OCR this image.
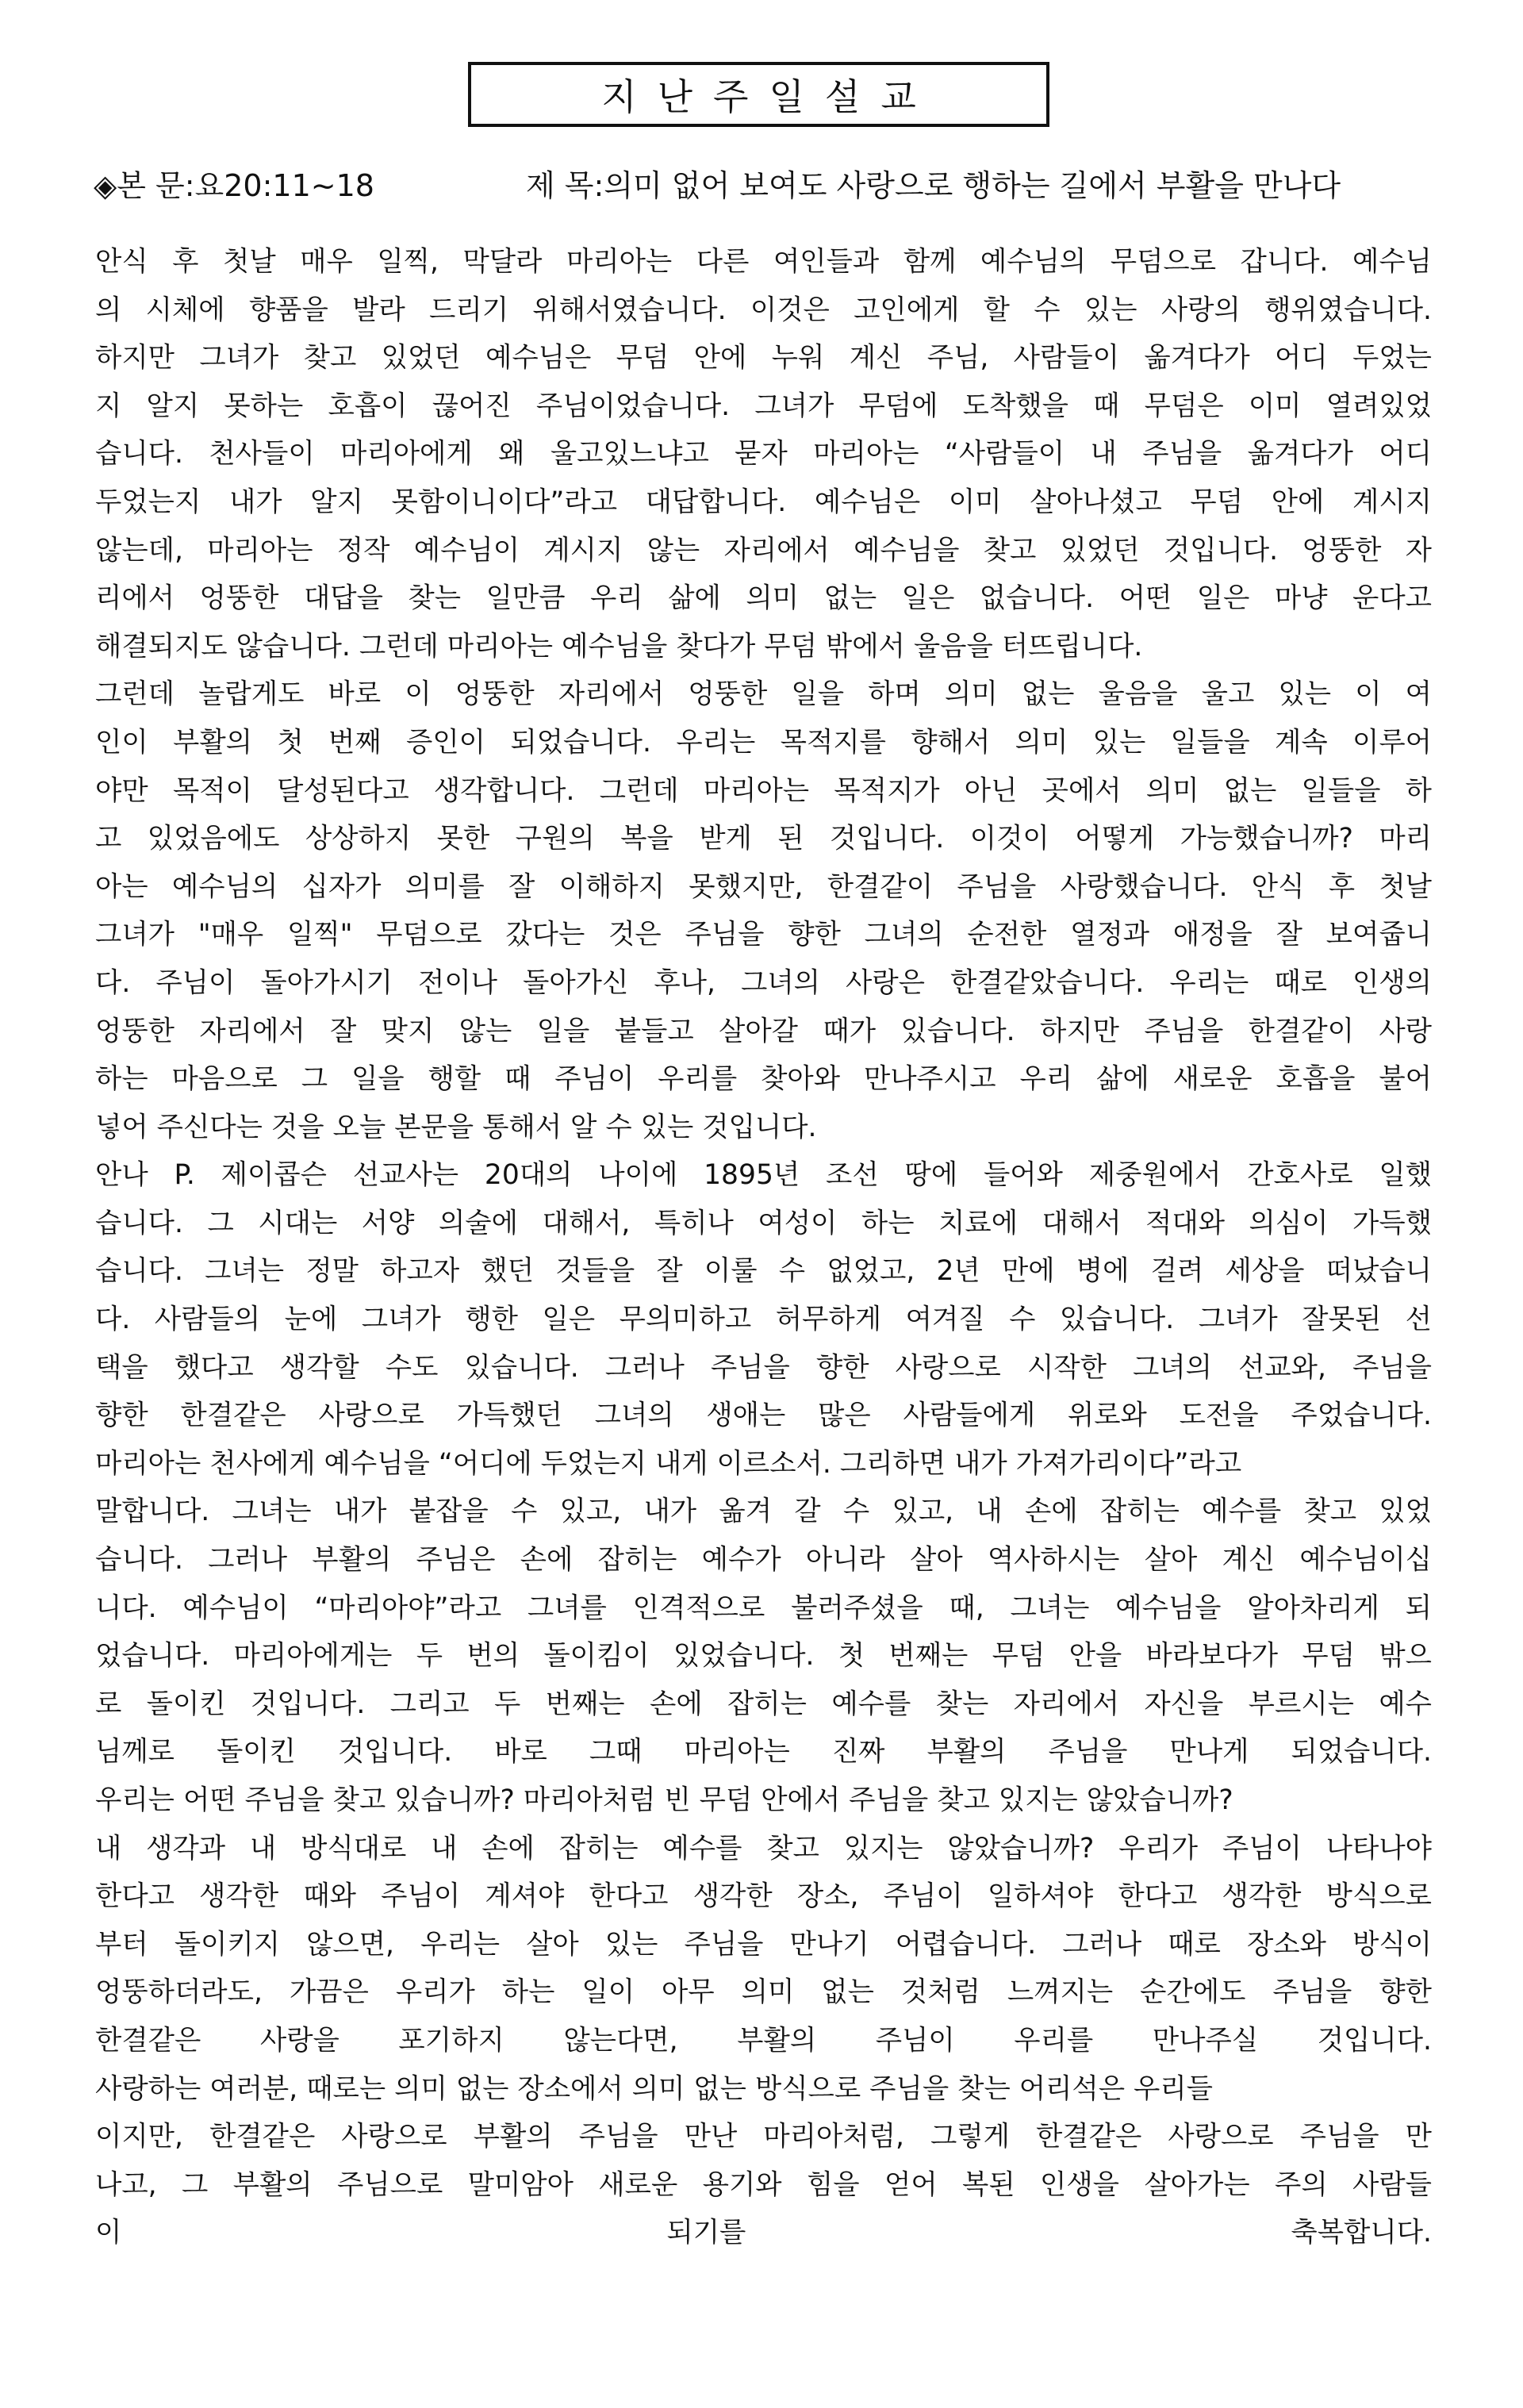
지난주일설교
◈본 문:요20:11~18	제 목:의미 없어 보여도 사랑으로 행하는 길에서 부활을 만나다
안식 후 첫날 매우 일찍, 막달라 마리아는 다른 여인들과 함께 예수님의 무덤으로 갑니다. 예수님
의 시체에 향품을 발라 드리기 위해서였습니다. 이것은 고인에게 할 수 있는 사랑의 행위였습니다.
하지만 그녀가 찾고 있었던 예수님은 무덤 안에 누워 계신 주님, 사람들이 옮겨다가 어디 두었는
지 알지 못하는 호흡이 끊어진 주님이었습니다. 그녀가 무덤에 도착했을 때 무덤은 이미 열려있었
습니다. 천사들이 마리아에게 왜 울고있느냐고 묻자 마리아는 “사람들이 내 주님을 옮겨다가 어디
두었는지 내가 알지 못함이니이다”라고 대답합니다. 예수님은 이미 살아나셨고 무덤 안에 계시지
않는데, 마리아는 정작 예수님이 계시지 않는 자리에서 예수님을 찾고 있었던 것입니다. 엉뚱한 자
리에서 엉뚱한 대답을 찾는 일만큼 우리 삶에 의미 없는 일은 없습니다. 어떤 일은 마냥 운다고
해결되지도 않습니다. 그런데 마리아는 예수님을 찾다가 무덤 밖에서 울음을 터뜨립니다.
그런데 놀랍게도 바로 이 엉뚱한 자리에서 엉뚱한 일을 하며 의미 없는 울음을 울고 있는 이 여
인이 부활의 첫 번째 증인이 되었습니다. 우리는 목적지를 향해서 의미 있는 일들을 계속 이루어
야만 목적이 달성된다고 생각합니다. 그런데 마리아는 목적지가 아닌 곳에서 의미 없는 일들을 하
고 있었음에도 상상하지 못한 구원의 복을 받게 된 것입니다. 이것이 어떻게 가능했습니까? 마리
아는 예수님의 십자가 의미를 잘 이해하지 못했지만, 한결같이 주님을 사랑했습니다. 안식 후 첫날
그녀가 "매우 일찍" 무덤으로 갔다는 것은 주님을 향한 그녀의 순전한 열정과 애정을 잘 보여줍니
다. 주님이 돌아가시기 전이나 돌아가신 후나, 그녀의 사랑은 한결같았습니다. 우리는 때로 인생의
엉뚱한 자리에서 잘 맞지 않는 일을 붙들고 살아갈 때가 있습니다. 하지만 주님을 한결같이 사랑
하는 마음으로 그 일을 행할 때 주님이 우리를 찾아와 만나주시고 우리 삶에 새로운 호흡을 불어
넣어 주신다는 것을 오늘 본문을 통해서 알 수 있는 것입니다.
안나 P. 제이콥슨 선교사는 20대의 나이에 1895년 조선 땅에 들어와 제중원에서 간호사로 일했
습니다. 그 시대는 서양 의술에 대해서, 특히나 여성이 하는 치료에 대해서 적대와 의심이 가득했
습니다. 그녀는 정말 하고자 했던 것들을 잘 이룰 수 없었고, 2년 만에 병에 걸려 세상을 떠났습니
다. 사람들의 눈에 그녀가 행한 일은 무의미하고 허무하게 여겨질 수 있습니다. 그녀가 잘못된 선
택을 했다고 생각할 수도 있습니다. 그러나 주님을 향한 사랑으로 시작한 그녀의 선교와, 주님을
향한 한결같은 사랑으로 가득했던 그녀의 생애는 많은 사람들에게 위로와 도전을 주었습니다.
마리아는 천사에게 예수님을 “어디에 두었는지 내게 이르소서. 그리하면 내가 가져가리이다”라고
말합니다. 그녀는 내가 붙잡을 수 있고, 내가 옮겨 갈 수 있고, 내 손에 잡히는 예수를 찾고 있었
습니다. 그러나 부활의 주님은 손에 잡히는 예수가 아니라 살아 역사하시는 살아 계신 예수님이십
니다. 예수님이 “마리아야”라고 그녀를 인격적으로 불러주셨을 때, 그녀는 예수님을 알아차리게 되
었습니다. 마리아에게는 두 번의 돌이킴이 있었습니다. 첫 번째는 무덤 안을 바라보다가 무덤 밖으
로 돌이킨 것입니다. 그리고 두 번째는 손에 잡히는 예수를 찾는 자리에서 자신을 부르시는 예수
님께로 돌이킨 것입니다. 바로 그때 마리아는 진짜 부활의 주님을 만나게 되었습니다.
우리는 어떤 주님을 찾고 있습니까? 마리아처럼 빈 무덤 안에서 주님을 찾고 있지는 않았습니까?
내 생각과 내 방식대로 내 손에 잡히는 예수를 찾고 있지는 않았습니까? 우리가 주님이 나타나야
한다고 생각한 때와 주님이 계셔야 한다고 생각한 장소, 주님이 일하셔야 한다고 생각한 방식으로
부터 돌이키지 않으면, 우리는 살아 있는 주님을 만나기 어렵습니다. 그러나 때로 장소와 방식이
엉뚱하더라도, 가끔은 우리가 하는 일이 아무 의미 없는 것처럼 느껴지는 순간에도 주님을 향한
한결같은 사랑을 포기하지 않는다면, 부활의 주님이 우리를 만나주실 것입니다.
사랑하는 여러분, 때로는 의미 없는 장소에서 의미 없는 방식으로 주님을 찾는 어리석은 우리들
이지만, 한결같은 사랑으로 부활의 주님을 만난 마리아처럼, 그렇게 한결같은 사랑으로 주님을 만
나고, 그 부활의 주님으로 말미암아 새로운 용기와 힘을 얻어 복된 인생을 살아가는 주의 사람들
이 되기를 축복합니다.
